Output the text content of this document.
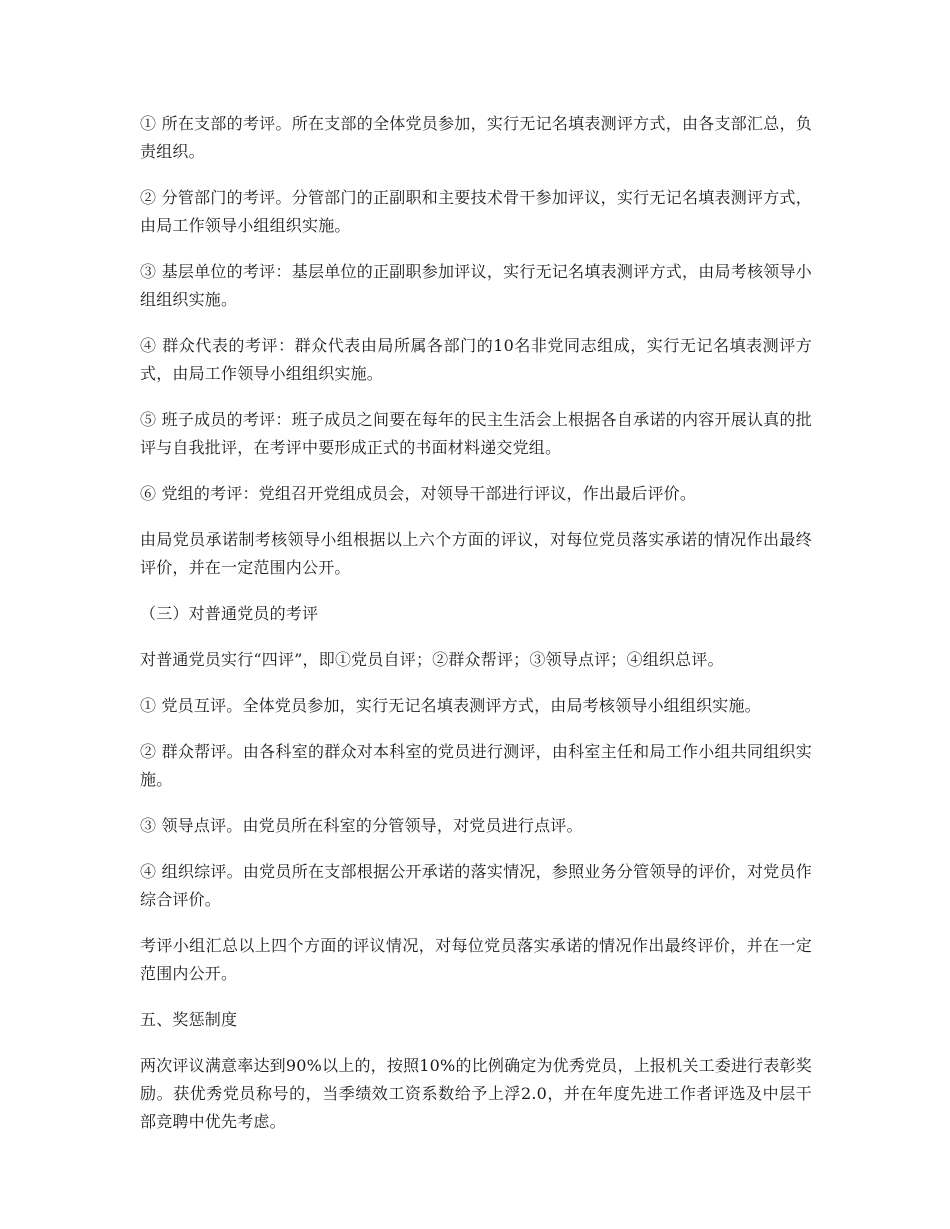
① 所在支部的考评。所在支部的全体党员参加，实行无记名填表测评方式，由各支部汇总，负责组织。

② 分管部门的考评。分管部门的正副职和主要技术骨干参加评议，实行无记名填表测评方式，由局工作领导小组组织实施。

③ 基层单位的考评：基层单位的正副职参加评议，实行无记名填表测评方式，由局考核领导小组组织实施。

④ 群众代表的考评：群众代表由局所属各部门的10名非党同志组成，实行无记名填表测评方式，由局工作领导小组组织实施。

⑤ 班子成员的考评：班子成员之间要在每年的民主生活会上根据各自承诺的内容开展认真的批评与自我批评，在考评中要形成正式的书面材料递交党组。

⑥ 党组的考评：党组召开党组成员会，对领导干部进行评议，作出最后评价。

由局党员承诺制考核领导小组根据以上六个方面的评议，对每位党员落实承诺的情况作出最终评价，并在一定范围内公开。

（三）对普通党员的考评

对普通党员实行“四评”，即①党员自评；②群众帮评；③领导点评；④组织总评。

① 党员互评。全体党员参加，实行无记名填表测评方式，由局考核领导小组组织实施。

② 群众帮评。由各科室的群众对本科室的党员进行测评，由科室主任和局工作小组共同组织实施。

③ 领导点评。由党员所在科室的分管领导，对党员进行点评。

④ 组织综评。由党员所在支部根据公开承诺的落实情况，参照业务分管领导的评价，对党员作综合评价。

考评小组汇总以上四个方面的评议情况，对每位党员落实承诺的情况作出最终评价，并在一定范围内公开。

五、奖惩制度

两次评议满意率达到90%以上的，按照10%的比例确定为优秀党员，上报机关工委进行表彰奖励。获优秀党员称号的，当季绩效工资系数给予上浮2.0，并在年度先进工作者评选及中层干部竞聘中优先考虑。
